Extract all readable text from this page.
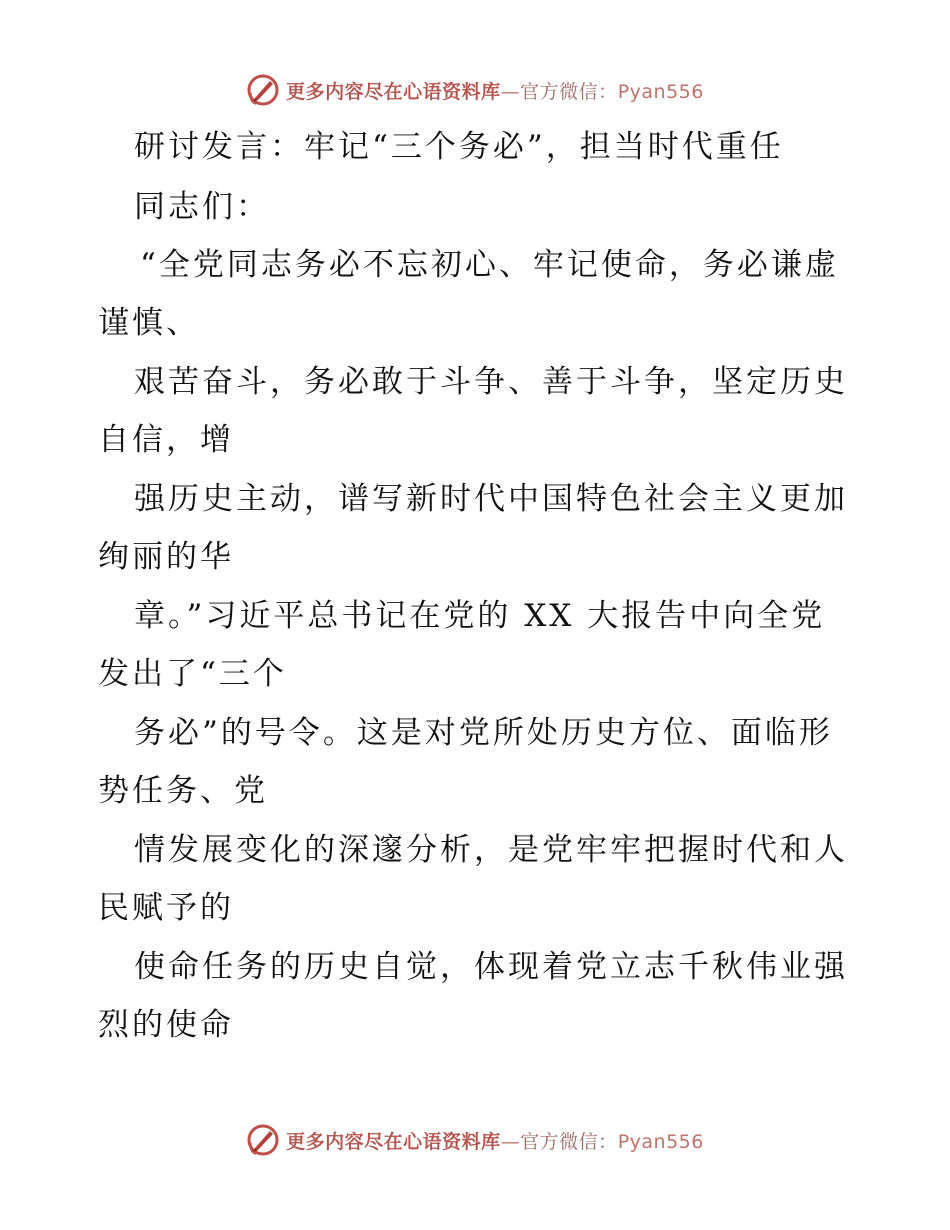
更多内容尽在心语资料库—官方微信：Pyan556
研讨发言：牢记“三个务必”，担当时代重任
同志们：
“全党同志务必不忘初心、牢记使命，务必谦虚
谨慎、
艰苦奋斗，务必敢于斗争、善于斗争，坚定历史
自信，增
强历史主动，谱写新时代中国特色社会主义更加
绚丽的华
章。”习近平总书记在党的 XX 大报告中向全党
发出了“三个
务必”的号令。这是对党所处历史方位、面临形
势任务、党
情发展变化的深邃分析，是党牢牢把握时代和人
民赋予的
使命任务的历史自觉，体现着党立志千秋伟业强
烈的使命
更多内容尽在心语资料库—官方微信：Pyan556
